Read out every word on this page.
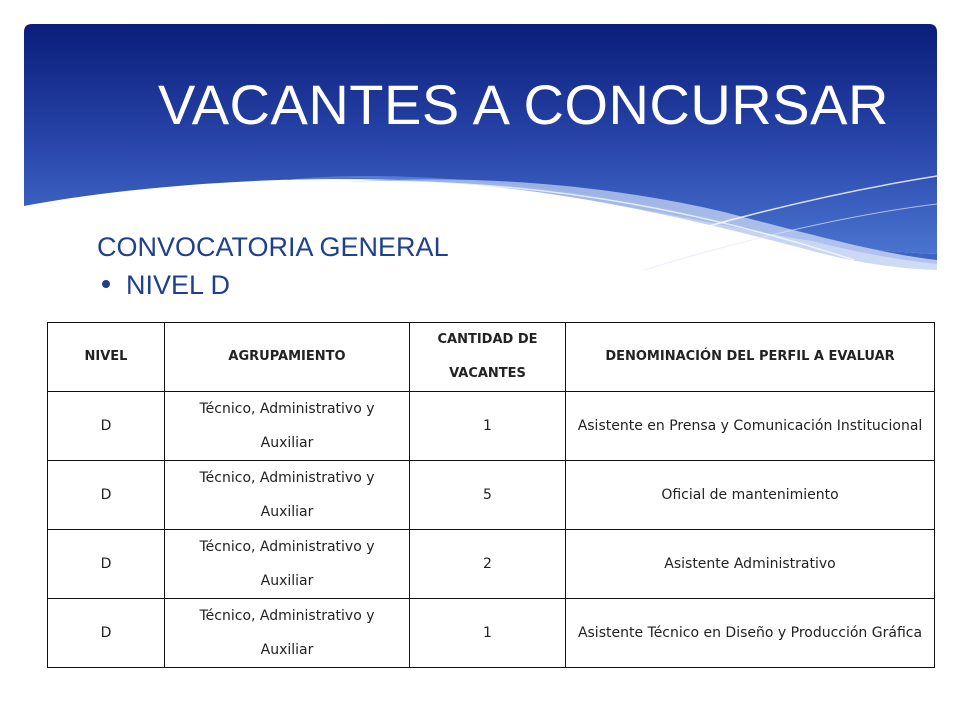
VACANTES A CONCURSAR
CONVOCATORIA GENERAL
NIVEL D
NIVEL	AGRUPAMIENTO	CANTIDAD DE VACANTES	DENOMINACIÓN DEL PERFIL A EVALUAR
D	Técnico, Administrativo y Auxiliar	1	Asistente en Prensa y Comunicación Institucional
D	Técnico, Administrativo y Auxiliar	5	Oficial de mantenimiento
D	Técnico, Administrativo y Auxiliar	2	Asistente Administrativo
D	Técnico, Administrativo y Auxiliar	1	Asistente Técnico en Diseño y Producción Gráfica
